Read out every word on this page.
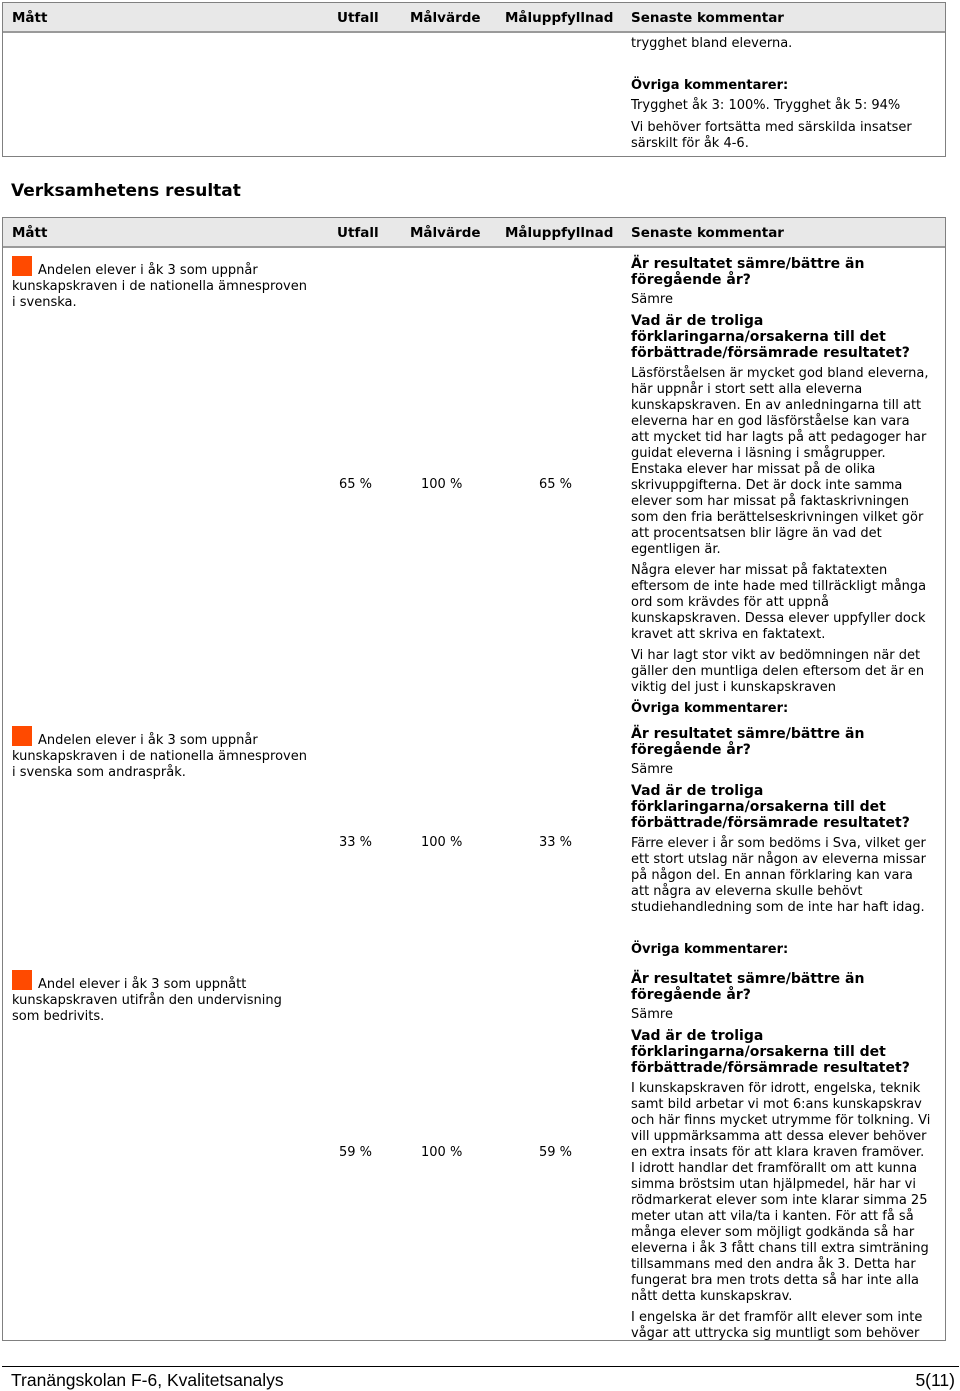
Mått	Utfall Målvärde Måluppfyllnad Senaste kommentar

trygghet bland eleverna.

Övriga kommentarer:

Trygghet åk 3: 100%. Trygghet åk 5: 94%

Vi behöver fortsätta med särskilda insatser särskilt för åk 4-6.

Verksamhetens resultat
Mått	Utfall Målvärde Måluppfyllnad Senaste kommentar
Andelen elever i åk 3 som uppnår kunskapskraven i de nationella ämnesproven i svenska.
65 %	100 %	65 %

Är resultatet sämre/bättre än föregående år?

Sämre

Vad är de troliga förklaringarna/orsakerna till det förbättrade/försämrade resultatet?

Läsförståelsen är mycket god bland eleverna, här uppnår i stort sett alla eleverna kunskapskraven. En av anledningarna till att eleverna har en god läsförståelse kan vara att mycket tid har lagts på att pedagoger har guidat eleverna i läsning i smågrupper. Enstaka elever har missat på de olika skrivuppgifterna. Det är dock inte samma elever som har missat på faktaskrivningen som den fria berättelseskrivningen vilket gör att procentsatsen blir lägre än vad det egentligen är.

Några elever har missat på faktatexten eftersom de inte hade med tillräckligt många ord som krävdes för att uppnå kunskapskraven. Dessa elever uppfyller dock kravet att skriva en faktatext.

Vi har lagt stor vikt av bedömningen när det gäller den muntliga delen eftersom det är en viktig del just i kunskapskraven

Övriga kommentarer:

Andelen elever i åk 3 som uppnår kunskapskraven i de nationella ämnesproven i svenska som andraspråk.
33 %	100 %	33 %

Är resultatet sämre/bättre än föregående år?

Sämre

Vad är de troliga förklaringarna/orsakerna till det förbättrade/försämrade resultatet?

Färre elever i år som bedöms i Sva, vilket ger ett stort utslag när någon av eleverna missar på någon del. En annan förklaring kan vara att några av eleverna skulle behövt studiehandledning som de inte har haft idag.

Övriga kommentarer:

Andel elever i åk 3 som uppnått kunskapskraven utifrån den undervisning som bedrivits.
59 %	100 %	59 %

Är resultatet sämre/bättre än föregående år?

Sämre

Vad är de troliga förklaringarna/orsakerna till det förbättrade/försämrade resultatet?

I kunskapskraven för idrott, engelska, teknik samt bild arbetar vi mot 6:ans kunskapskrav och här finns mycket utrymme för tolkning. Vi vill uppmärksamma att dessa elever behöver en extra insats för att klara kraven framöver. I idrott handlar det framförallt om att kunna simma bröstsim utan hjälpmedel, här har vi rödmarkerat elever som inte klarar simma 25 meter utan att vila/ta i kanten. För att få så många elever som möjligt godkända så har eleverna i åk 3 fått chans till extra simträning tillsammans med den andra åk 3. Detta har fungerat bra men trots detta så har inte alla nått detta kunskapskrav.

I engelska är det framför allt elever som inte vågar att uttrycka sig muntligt som behöver

Tranängskolan F-6, Kvalitetsanalys	5(11)
